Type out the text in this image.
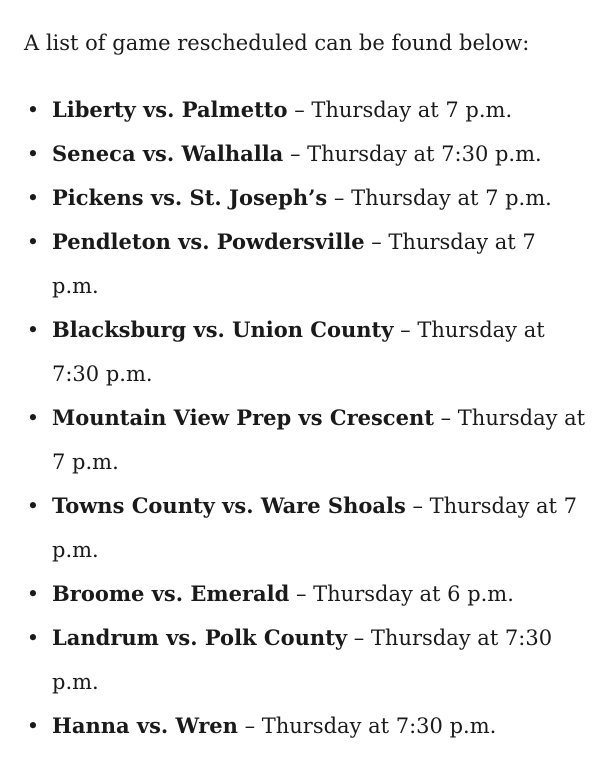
A list of game rescheduled can be found below:

• Liberty vs. Palmetto – Thursday at 7 p.m.
• Seneca vs. Walhalla – Thursday at 7:30 p.m.
• Pickens vs. St. Joseph’s – Thursday at 7 p.m.
• Pendleton vs. Powdersville – Thursday at 7 p.m.
• Blacksburg vs. Union County – Thursday at 7:30 p.m.
• Mountain View Prep vs Crescent – Thursday at 7 p.m.
• Towns County vs. Ware Shoals – Thursday at 7 p.m.
• Broome vs. Emerald – Thursday at 6 p.m.
• Landrum vs. Polk County – Thursday at 7:30 p.m.
• Hanna vs. Wren – Thursday at 7:30 p.m.
